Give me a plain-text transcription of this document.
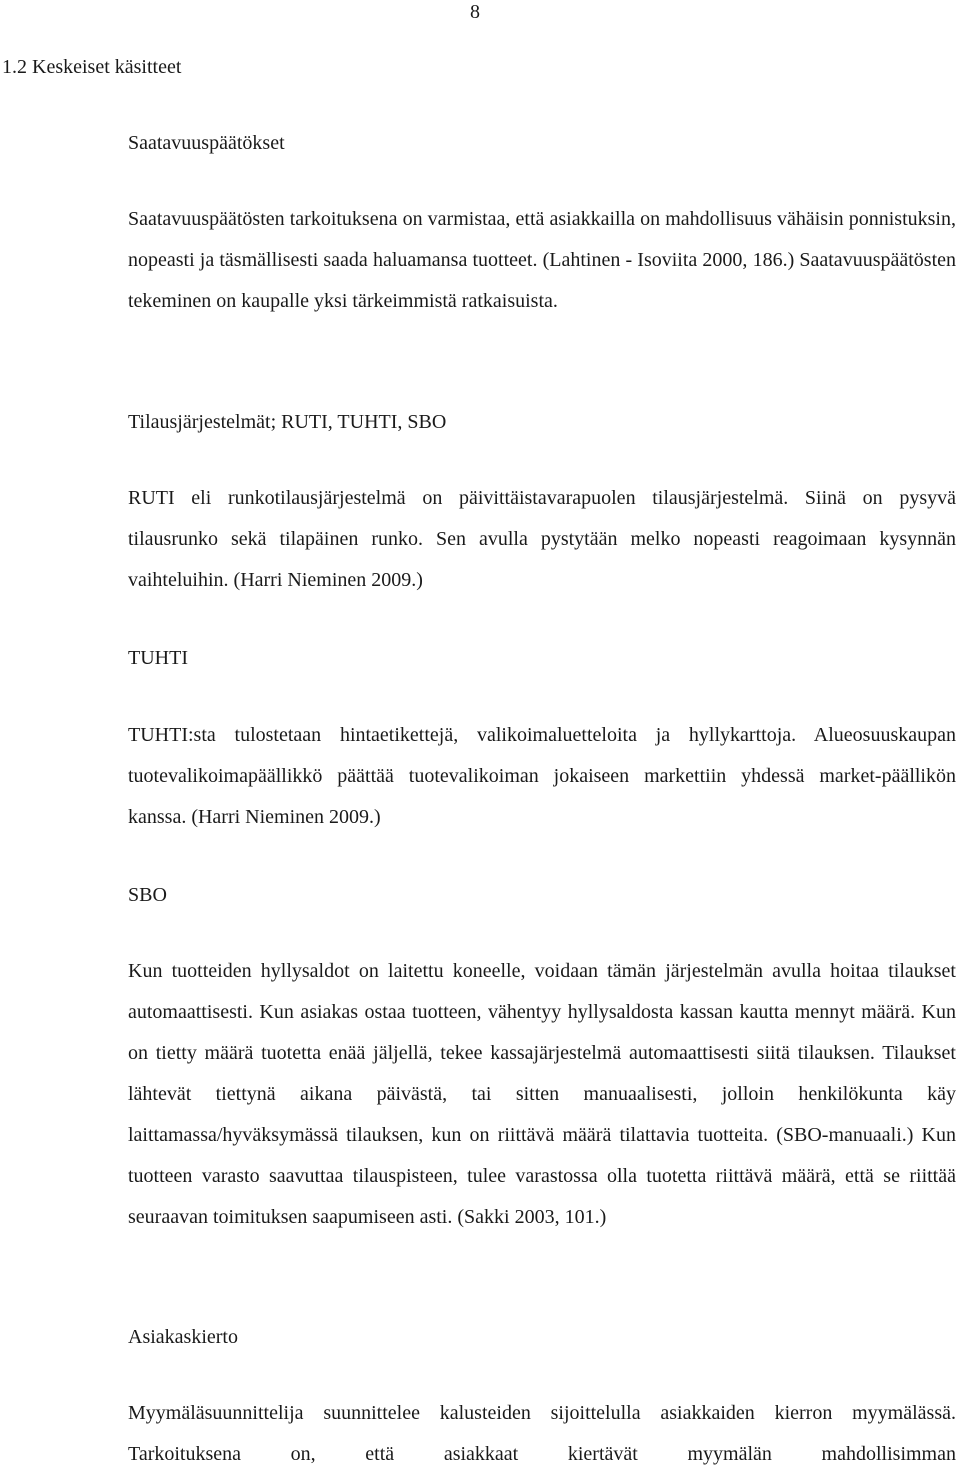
8
1.2 Keskeiset käsitteet
Saatavuuspäätökset

Saatavuuspäätösten tarkoituksena on varmistaa, että asiakkailla on mahdollisuus vähäisin ponnistuksin, nopeasti ja täsmällisesti saada haluamansa tuotteet. (Lahtinen - Isoviita 2000, 186.) Saatavuuspäätösten tekeminen on kaupalle yksi tärkeimmistä ratkaisuista.

Tilausjärjestelmät; RUTI, TUHTI, SBO

RUTI eli runkotilausjärjestelmä on päivittäistavarapuolen tilausjärjestelmä. Siinä on pysyvä tilausrunko sekä tilapäinen runko. Sen avulla pystytään melko nopeasti reagoimaan kysynnän vaihteluihin. (Harri Nieminen 2009.)

TUHTI

TUHTI:sta tulostetaan hintaetikettejä, valikoimaluetteloita ja hyllykarttoja. Alueosuuskaupan tuotevalikoimapäällikkö päättää tuotevalikoiman jokaiseen markettiin yhdessä market-päällikön kanssa. (Harri Nieminen 2009.)

SBO

Kun tuotteiden hyllysaldot on laitettu koneelle, voidaan tämän järjestelmän avulla hoitaa tilaukset automaattisesti. Kun asiakas ostaa tuotteen, vähentyy hyllysaldosta kassan kautta mennyt määrä. Kun on tietty määrä tuotetta enää jäljellä, tekee kassajärjestelmä automaattisesti siitä tilauksen. Tilaukset lähtevät tiettynä aikana päivästä, tai sitten manuaalisesti, jolloin henkilökunta käy laittamassa/hyväksymässä tilauksen, kun on riittävä määrä tilattavia tuotteita. (SBO-manuaali.) Kun tuotteen varasto saavuttaa tilauspisteen, tulee varastossa olla tuotetta riittävä määrä, että se riittää seuraavan toimituksen saapumiseen asti. (Sakki 2003, 101.)

Asiakaskierto

Myymäläsuunnittelija suunnittelee kalusteiden sijoittelulla asiakkaiden kierron myymälässä. Tarkoituksena on, että asiakkaat kiertävät myymälän mahdollisimman
